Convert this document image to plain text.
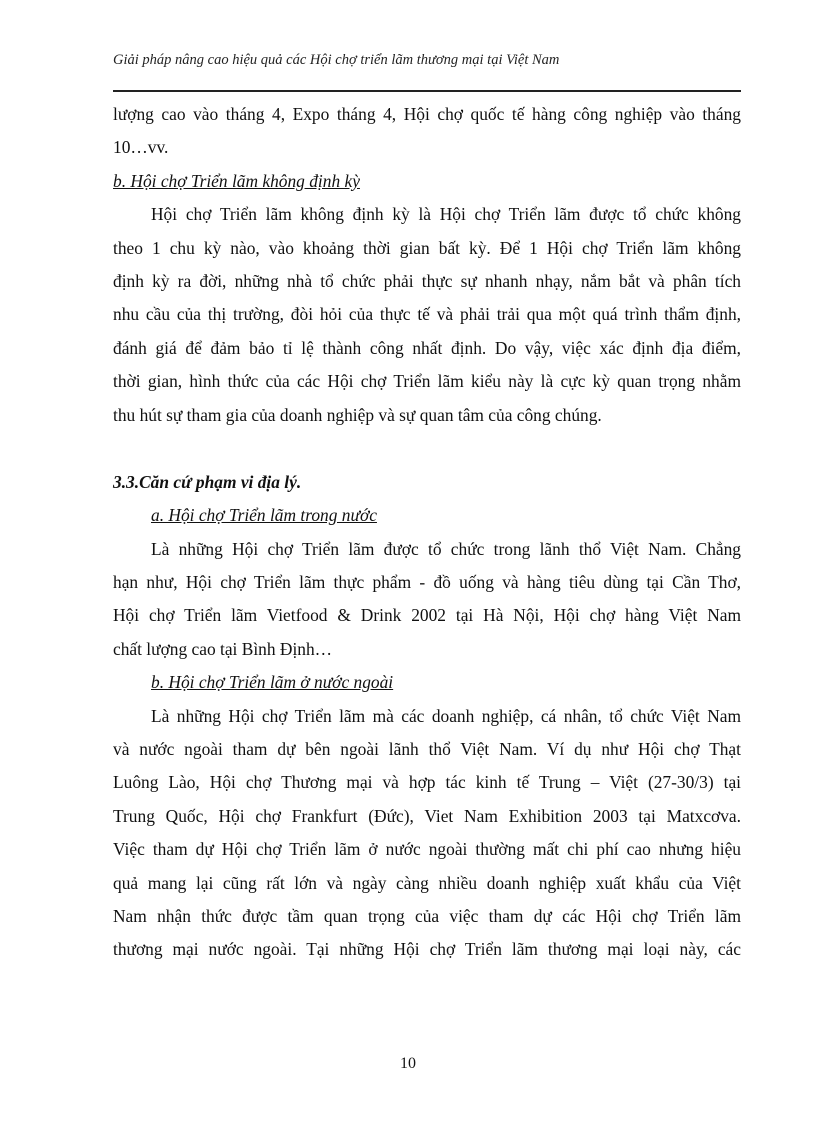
Giải pháp nâng cao hiệu quả các Hội chợ triển lãm thương mại tại Việt Nam
lượng cao vào tháng 4, Expo tháng 4, Hội chợ quốc tế hàng công nghiệp vào tháng
10…vv.
b. Hội chợ Triển lãm không định kỳ
Hội chợ Triển lãm không định kỳ là Hội chợ Triển lãm được tổ chức không
theo 1 chu kỳ nào, vào khoảng thời gian bất kỳ. Để 1 Hội chợ Triển lãm không
định kỳ ra đời, những nhà tổ chức phải thực sự nhanh nhạy, nắm bắt và phân tích
nhu cầu của thị trường, đòi hỏi của thực tế và phải trải qua một quá trình thẩm định,
đánh giá để đảm bảo tỉ lệ thành công nhất định. Do vậy, việc xác định địa điểm,
thời gian, hình thức của các Hội chợ Triển lãm kiểu này là cực kỳ quan trọng nhằm
thu hút sự tham gia của doanh nghiệp và sự quan tâm của công chúng.
3.3.Căn cứ phạm vi địa lý.
a. Hội chợ Triển lãm trong nước
Là những Hội chợ Triển lãm được tổ chức trong lãnh thổ Việt Nam. Chẳng
hạn như, Hội chợ Triển lãm thực phẩm - đồ uống và hàng tiêu dùng tại Cần Thơ,
Hội chợ Triển lãm Vietfood & Drink 2002 tại Hà Nội, Hội chợ hàng Việt Nam
chất lượng cao tại Bình Định…
b. Hội chợ Triển lãm ở nước ngoài
Là những Hội chợ Triển lãm mà các doanh nghiệp, cá nhân, tổ chức Việt Nam
và nước ngoài tham dự bên ngoài lãnh thổ Việt Nam. Ví dụ như Hội chợ Thạt
Luông Lào, Hội chợ Thương mại và hợp tác kinh tế Trung – Việt (27-30/3) tại
Trung Quốc, Hội chợ Frankfurt (Đức), Viet Nam Exhibition 2003 tại Matxcơva.
Việc tham dự Hội chợ Triển lãm ở nước ngoài thường mất chi phí cao nhưng hiệu
quả mang lại cũng rất lớn và ngày càng nhiều doanh nghiệp xuất khẩu của Việt
Nam nhận thức được tầm quan trọng của việc tham dự các Hội chợ Triển lãm
thương mại nước ngoài. Tại những Hội chợ Triển lãm thương mại loại này, các
10
